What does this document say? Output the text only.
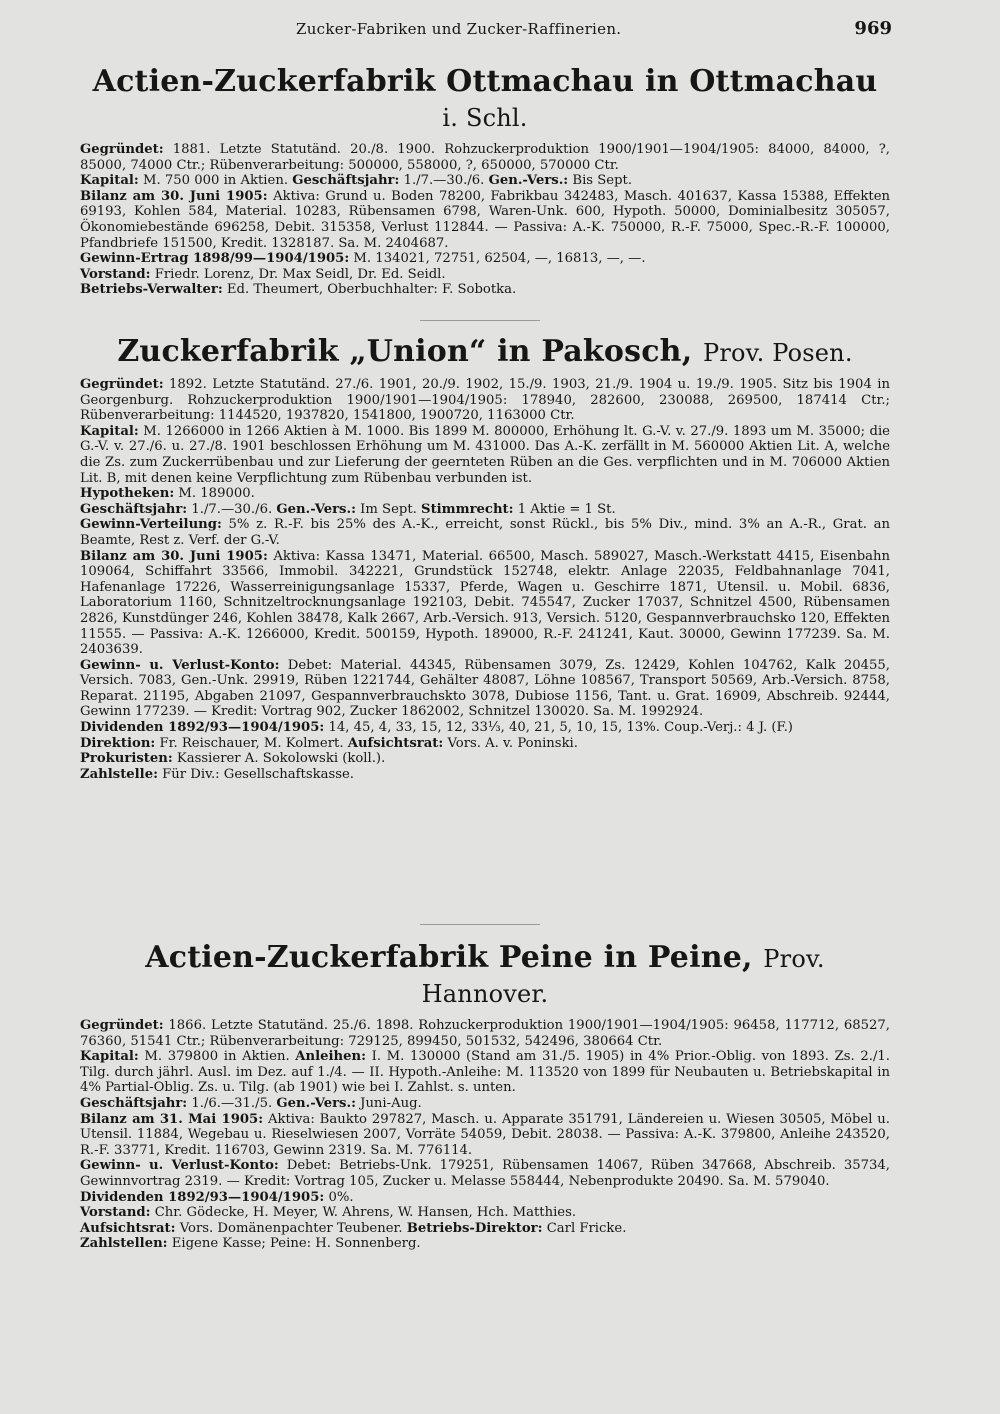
Zucker-Fabriken und Zucker-Raffinerien.	969
Actien-Zuckerfabrik Ottmachau in Ottmachau i. Schl.

Gegründet: 1881. Letzte Statutänd. 20./8. 1900. Rohzuckerproduktion 1900/1901—1904/1905: 84000, 84000, ?, 85000, 74000 Ctr.; Rübenverarbeitung: 500000, 558000, ?, 650000, 570000 Ctr.

Kapital: M. 750 000 in Aktien. Geschäftsjahr: 1./7.—30./6. Gen.-Vers.: Bis Sept.

Bilanz am 30. Juni 1905: Aktiva: Grund u. Boden 78200, Fabrikbau 342483, Masch. 401637, Kassa 15388, Effekten 69193, Kohlen 584, Material. 10283, Rübensamen 6798, Waren-Unk. 600, Hypoth. 50000, Dominialbesitz 305057, Ökonomiebestände 696258, Debit. 315358, Verlust 112844. — Passiva: A.-K. 750000, R.-F. 75000, Spec.-R.-F. 100000, Pfandbriefe 151500, Kredit. 1328187. Sa. M. 2404687.

Gewinn-Ertrag 1898/99—1904/1905: M. 134021, 72751, 62504, —, 16813, —, —.

Vorstand: Friedr. Lorenz, Dr. Max Seidl, Dr. Ed. Seidl.

Betriebs-Verwalter: Ed. Theumert, Oberbuchhalter: F. Sobotka.

Zuckerfabrik „Union“ in Pakosch, Prov. Posen.

Gegründet: 1892. Letzte Statutänd. 27./6. 1901, 20./9. 1902, 15./9. 1903, 21./9. 1904 u. 19./9. 1905. Sitz bis 1904 in Georgenburg. Rohzuckerproduktion 1900/1901—1904/1905: 178940, 282600, 230088, 269500, 187414 Ctr.; Rübenverarbeitung: 1144520, 1937820, 1541800, 1900720, 1163000 Ctr.

Kapital: M. 1266000 in 1266 Aktien à M. 1000. Bis 1899 M. 800000, Erhöhung lt. G.-V. v. 27./9. 1893 um M. 35000; die G.-V. v. 27./6. u. 27./8. 1901 beschlossen Erhöhung um M. 431000. Das A.-K. zerfällt in M. 560000 Aktien Lit. A, welche die Zs. zum Zuckerrübenbau und zur Lieferung der geernteten Rüben an die Ges. verpflichten und in M. 706000 Aktien Lit. B, mit denen keine Verpflichtung zum Rübenbau verbunden ist.

Hypotheken: M. 189000.

Geschäftsjahr: 1./7.—30./6. Gen.-Vers.: Im Sept. Stimmrecht: 1 Aktie = 1 St.

Gewinn-Verteilung: 5% z. R.-F. bis 25% des A.-K., erreicht, sonst Rückl., bis 5% Div., mind. 3% an A.-R., Grat. an Beamte, Rest z. Verf. der G.-V.

Bilanz am 30. Juni 1905: Aktiva: Kassa 13471, Material. 66500, Masch. 589027, Masch.-Werkstatt 4415, Eisenbahn 109064, Schiffahrt 33566, Immobil. 342221, Grundstück 152748, elektr. Anlage 22035, Feldbahnanlage 7041, Hafenanlage 17226, Wasserreinigungsanlage 15337, Pferde, Wagen u. Geschirre 1871, Utensil. u. Mobil. 6836, Laboratorium 1160, Schnitzeltrocknungsanlage 192103, Debit. 745547, Zucker 17037, Schnitzel 4500, Rübensamen 2826, Kunstdünger 246, Kohlen 38478, Kalk 2667, Arb.-Versich. 913, Versich. 5120, Gespannverbrauchsko 120, Effekten 11555. — Passiva: A.-K. 1266000, Kredit. 500159, Hypoth. 189000, R.-F. 241241, Kaut. 30000, Gewinn 177239. Sa. M. 2403639.

Gewinn- u. Verlust-Konto: Debet: Material. 44345, Rübensamen 3079, Zs. 12429, Kohlen 104762, Kalk 20455, Versich. 7083, Gen.-Unk. 29919, Rüben 1221744, Gehälter 48087, Löhne 108567, Transport 50569, Arb.-Versich. 8758, Reparat. 21195, Abgaben 21097, Gespannverbrauchskto 3078, Dubiose 1156, Tant. u. Grat. 16909, Abschreib. 92444, Gewinn 177239. — Kredit: Vortrag 902, Zucker 1862002, Schnitzel 130020. Sa. M. 1992924.

Dividenden 1892/93—1904/1905: 14, 45, 4, 33, 15, 12, 33⅓, 40, 21, 5, 10, 15, 13%. Coup.-Verj.: 4 J. (F.)

Direktion: Fr. Reischauer, M. Kolmert. Aufsichtsrat: Vors. A. v. Poninski.

Prokuristen: Kassierer A. Sokolowski (koll.).

Zahlstelle: Für Div.: Gesellschaftskasse.

Actien-Zuckerfabrik Peine in Peine, Prov. Hannover.

Gegründet: 1866. Letzte Statutänd. 25./6. 1898. Rohzuckerproduktion 1900/1901—1904/1905: 96458, 117712, 68527, 76360, 51541 Ctr.; Rübenverarbeitung: 729125, 899450, 501532, 542496, 380664 Ctr.

Kapital: M. 379800 in Aktien. Anleihen: I. M. 130000 (Stand am 31./5. 1905) in 4% Prior.-Oblig. von 1893. Zs. 2./1. Tilg. durch jährl. Ausl. im Dez. auf 1./4. — II. Hypoth.-Anleihe: M. 113520 von 1899 für Neubauten u. Betriebskapital in 4% Partial-Oblig. Zs. u. Tilg. (ab 1901) wie bei I. Zahlst. s. unten.

Geschäftsjahr: 1./6.—31./5. Gen.-Vers.: Juni-Aug.

Bilanz am 31. Mai 1905: Aktiva: Baukto 297827, Masch. u. Apparate 351791, Ländereien u. Wiesen 30505, Möbel u. Utensil. 11884, Wegebau u. Rieselwiesen 2007, Vorräte 54059, Debit. 28038. — Passiva: A.-K. 379800, Anleihe 243520, R.-F. 33771, Kredit. 116703, Gewinn 2319. Sa. M. 776114.

Gewinn- u. Verlust-Konto: Debet: Betriebs-Unk. 179251, Rübensamen 14067, Rüben 347668, Abschreib. 35734, Gewinnvortrag 2319. — Kredit: Vortrag 105, Zucker u. Melasse 558444, Nebenprodukte 20490. Sa. M. 579040.

Dividenden 1892/93—1904/1905: 0%.

Vorstand: Chr. Gödecke, H. Meyer, W. Ahrens, W. Hansen, Hch. Matthies.

Aufsichtsrat: Vors. Domänenpachter Teubener. Betriebs-Direktor: Carl Fricke.

Zahlstellen: Eigene Kasse; Peine: H. Sonnenberg.
